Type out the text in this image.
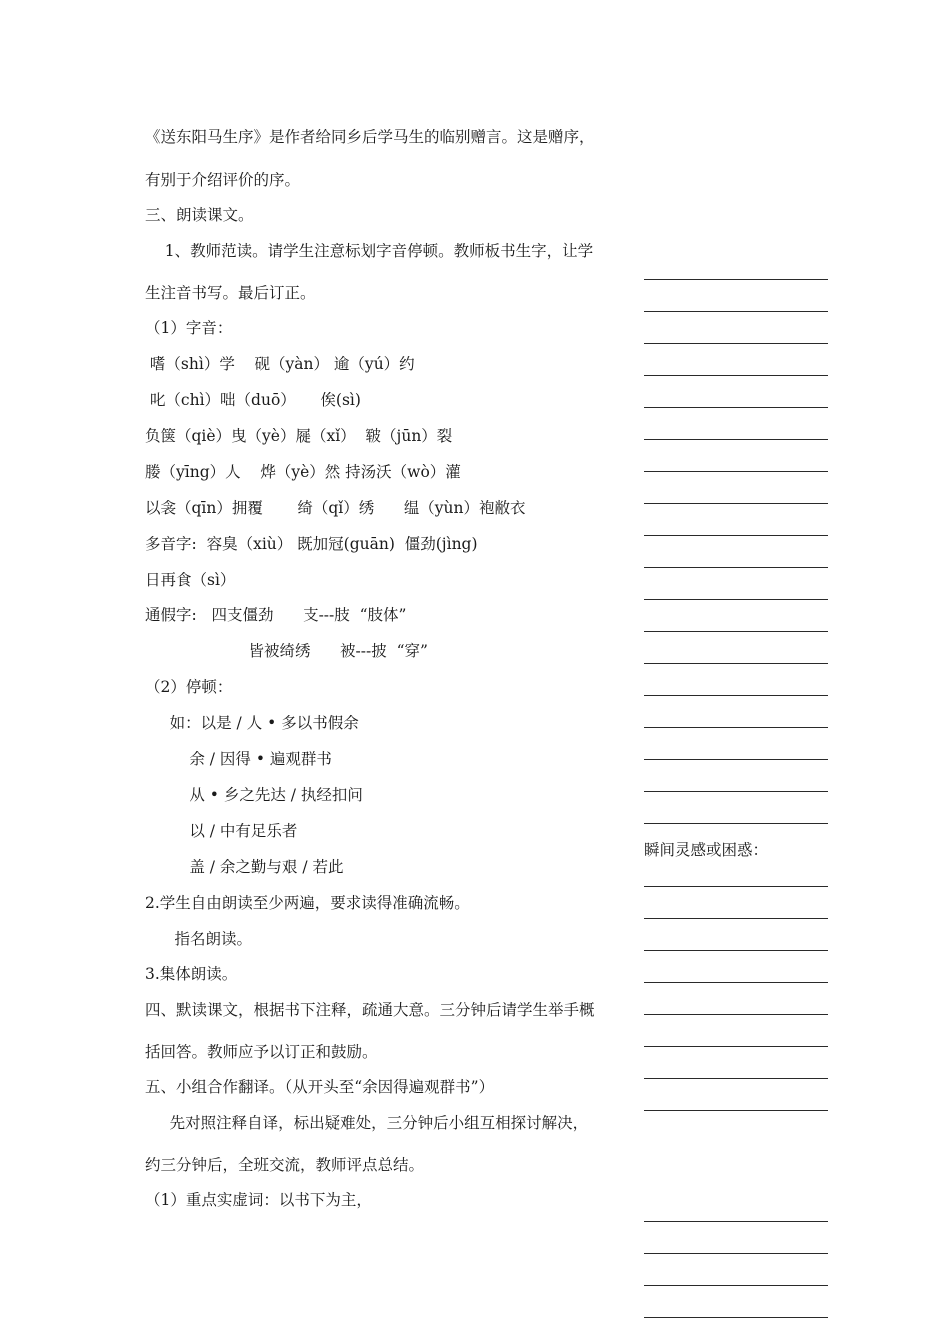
《送东阳马生序》是作者给同乡后学马生的临别赠言。这是赠序，
有别于介绍评价的序。
三、朗读课文。
1、教师范读。请学生注意标划字音停顿。教师板书生字，让学
生注音书写。最后订正。
（1）字音：
嗜（shì）学    砚（yàn） 逾（yú）约
叱（chì）咄（duō）     俟(sì)
负箧（qiè）曳（yè）屣（xǐ）  皲（jūn）裂
媵（yīng）人    烨（yè）然 持汤沃（wò）灌
以衾（qīn）拥覆       绮（qǐ）绣      缊（yùn）袍敝衣
多音字:  容臭（xiù） 既加冠(guān)  僵劲(jìng)
日再食（sì）
通假字:   四支僵劲      支---肢  “肢体”
皆被绮绣      被---披  “穿”
（2）停顿：
如：以是 / 人 • 多以书假余
余 / 因得 • 遍观群书
从 • 乡之先达 / 执经扣问
以 / 中有足乐者
盖 / 余之勤与艰 / 若此
2.学生自由朗读至少两遍，要求读得准确流畅。
指名朗读。
3.集体朗读。
四、默读课文，根据书下注释，疏通大意。三分钟后请学生举手概
括回答。教师应予以订正和鼓励。
五、小组合作翻译。（从开头至“余因得遍观群书”）
先对照注释自译，标出疑难处，三分钟后小组互相探讨解决，
约三分钟后，全班交流，教师评点总结。
（1）重点实虚词：以书下为主，
瞬间灵感或困惑：
